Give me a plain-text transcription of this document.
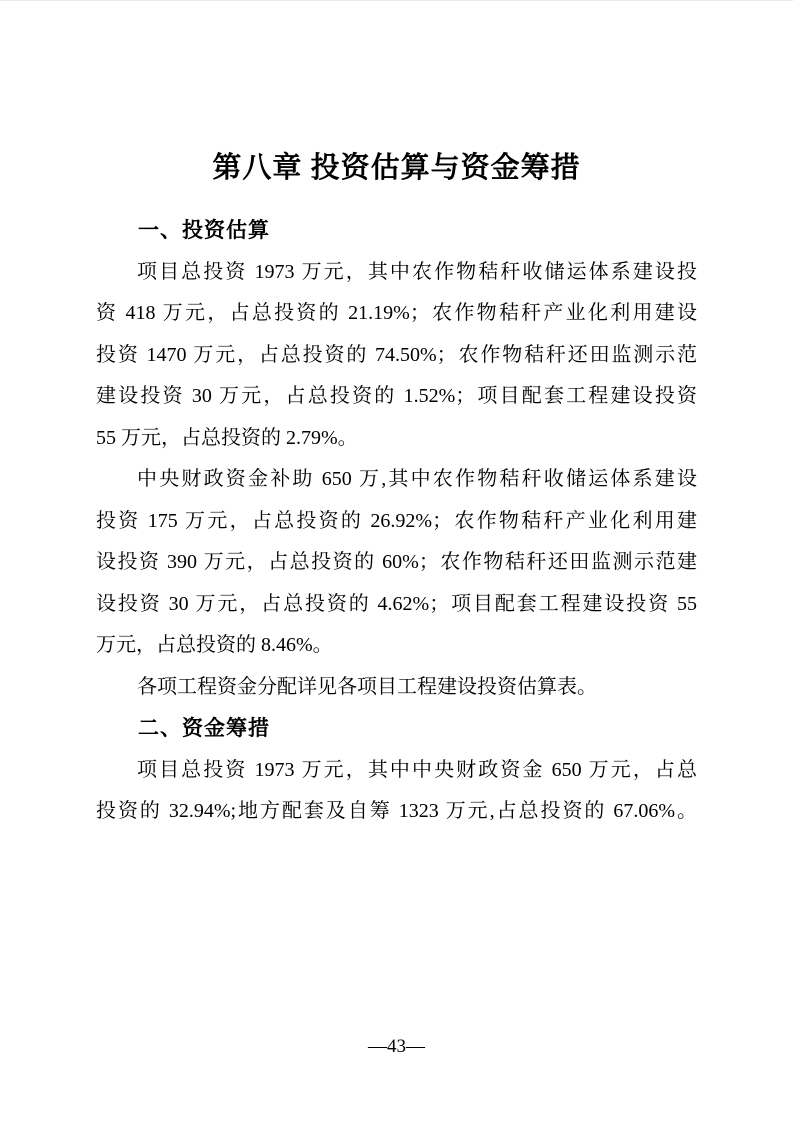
第八章 投资估算与资金筹措
一、投资估算
项目总投资 1973 万元，其中农作物秸秆收储运体系建设投
资 418 万元，占总投资的 21.19%；农作物秸秆产业化利用建设
投资 1470 万元，占总投资的 74.50%；农作物秸秆还田监测示范
建设投资 30 万元，占总投资的 1.52%；项目配套工程建设投资
55 万元，占总投资的 2.79%。
中央财政资金补助 650 万,其中农作物秸秆收储运体系建设
投资 175 万元，占总投资的 26.92%；农作物秸秆产业化利用建
设投资 390 万元，占总投资的 60%；农作物秸秆还田监测示范建
设投资 30 万元，占总投资的 4.62%；项目配套工程建设投资 55
万元，占总投资的 8.46%。
各项工程资金分配详见各项目工程建设投资估算表。
二、资金筹措
项目总投资 1973 万元，其中中央财政资金 650 万元，占总
投资的 32.94%;地方配套及自筹 1323 万元,占总投资的 67.06%。
—43—
